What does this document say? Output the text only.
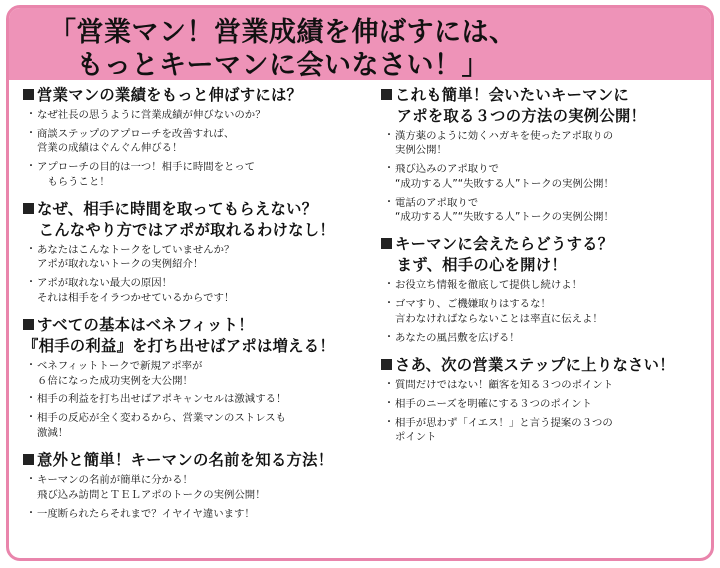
「営業マン！営業成績を伸ばすには、
　もっとキーマンに会いなさい！」
営業マンの業績をもっと伸ばすには？
・ なぜ社長の思うように営業成績が伸びないのか？
・ 商談ステップのアプローチを改善すれば、
営業の成績はぐんぐん伸びる！
・ アプローチの目的は一つ！相手に時間をとって
　もらうこと！
なぜ、相手に時間を取ってもらえない？
　こんなやり方ではアポが取れるわけなし！
・ あなたはこんなトークをしていませんか？
アポが取れないトークの実例紹介！
・ アポが取れない最大の原因！
それは相手をイラつかせているからです！
すべての基本はベネフィット！
『相手の利益』を打ち出せばアポは増える！
・ ベネフィットトークで新規アポ率が
６倍になった成功実例を大公開！
・ 相手の利益を打ち出せばアポキャンセルは激減する！
・ 相手の反応が全く変わるから、営業マンのストレスも
激減！
意外と簡単！キーマンの名前を知る方法！
・ キーマンの名前が簡単に分かる！
飛び込み訪問とＴＥＬアポのトークの実例公開！
・ 一度断られたらそれまで？イヤイヤ違います！
これも簡単！会いたいキーマンに
　アポを取る３つの方法の実例公開！
・ 漢方薬のように効くハガキを使ったアポ取りの
実例公開！
・ 飛び込みのアポ取りで
“成功する人”“失敗する人”トークの実例公開！
・ 電話のアポ取りで
“成功する人”“失敗する人”トークの実例公開！
キーマンに会えたらどうする？
　まず、相手の心を開け！
・ お役立ち情報を徹底して提供し続けよ！
・ ゴマすり、ご機嫌取りはするな！
言わなければならないことは率直に伝えよ！
・ あなたの風呂敷を広げる！
さあ、次の営業ステップに上りなさい！
・ 質問だけではない！顧客を知る３つのポイント
・ 相手のニーズを明確にする３つのポイント
・ 相手が思わず「イエス！」と言う提案の３つの
ポイント
